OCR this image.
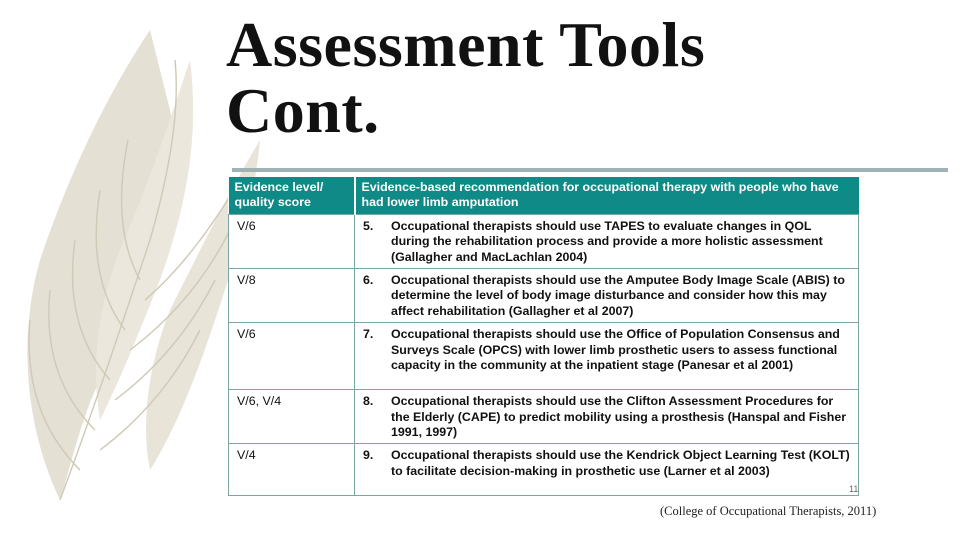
Assessment Tools
Cont.
Evidence level/ quality score	Evidence-based recommendation for occupational therapy with people who have had lower limb amputation
V/6	5. Occupational therapists should use TAPES to evaluate changes in QOL during the rehabilitation process and provide a more holistic assessment (Gallagher and MacLachlan 2004)

V/8	6. Occupational therapists should use the Amputee Body Image Scale (ABIS) to determine the level of body image disturbance and consider how this may affect rehabilitation (Gallagher et al 2007)

V/6	7. Occupational therapists should use the Office of Population Consensus and Surveys Scale (OPCS) with lower limb prosthetic users to assess functional capacity in the community at the inpatient stage (Panesar et al 2001)

V/6, V/4	8. Occupational therapists should use the Clifton Assessment Procedures for the Elderly (CAPE) to predict mobility using a prosthesis (Hanspal and Fisher 1991, 1997)

V/4	9. Occupational therapists should use the Kendrick Object Learning Test (KOLT) to facilitate decision-making in prosthetic use (Larner et al 2003)
11
(College of Occupational Therapists, 2011)
